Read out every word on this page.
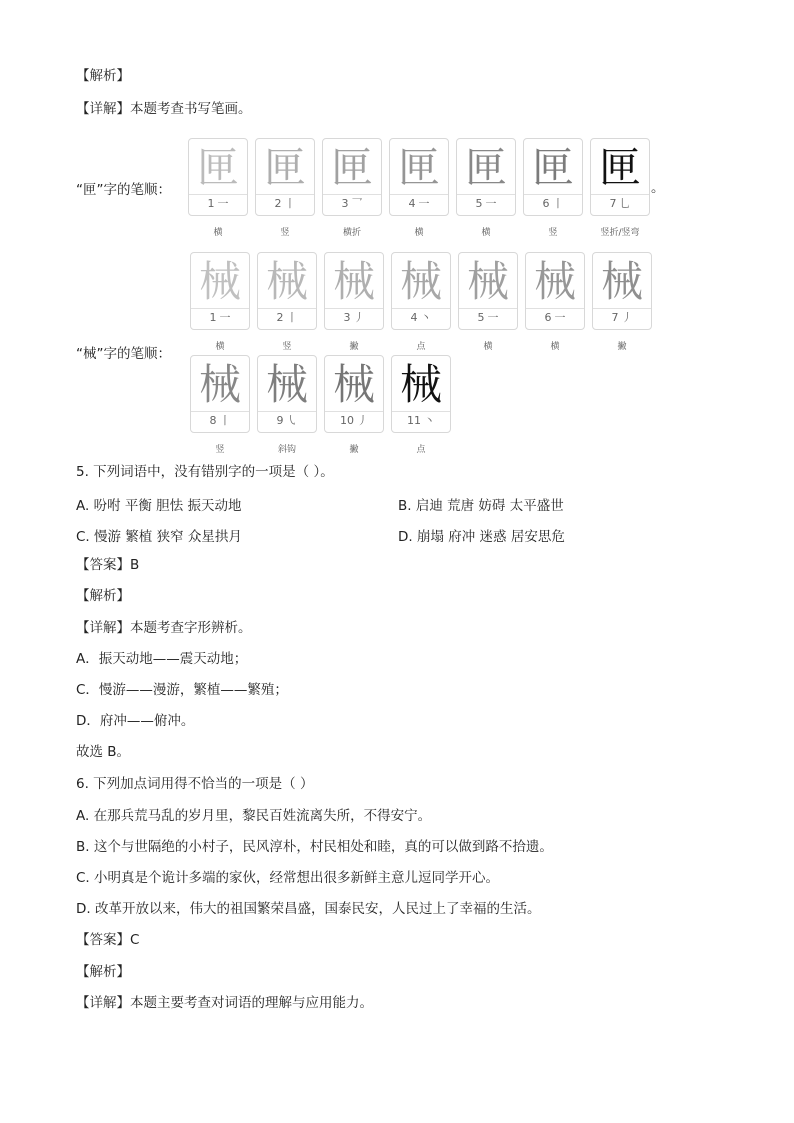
【解析】
【详解】本题考查书写笔画。
“匣”字的笔顺： 匣
1 一
横
匣
2 丨
竖
匣
3 乛
横折
匣
4 一
横
匣
5 一
横
匣
6 丨
竖
匣
7 乚
竖折/竖弯
。
“械”字的笔顺：
械
1 一
横
械
2 丨
竖
械
3 丿
撇
械
4 丶
点
械
5 一
横
械
6 一
横
械
7 丿
撇
械
8 丨
竖
械
9 ㇂
斜钩
械
10 丿
撇
械
11 丶
点
5. 下列词语中，没有错别字的一项是（ ）。
A. 吩咐 平衡 胆怯 振天动地	B. 启迪 荒唐 妨碍 太平盛世
C. 慢游 繁植 狭窄 众星拱月	D. 崩塌 府冲 迷惑 居安思危
【答案】B
【解析】
【详解】本题考查字形辨析。
A．振天动地——震天动地；
C．慢游——漫游，繁植——繁殖；
D．府冲——俯冲。
故选 B。
6. 下列加点词用得不恰当的一项是（ ）
A. 在那兵荒马乱的岁月里，黎民百姓流离失所，不得安宁。
B. 这个与世隔绝的小村子，民风淳朴，村民相处和睦，真的可以做到路不拾遗。
C. 小明真是个诡计多端的家伙，经常想出很多新鲜主意儿逗同学开心。
D. 改革开放以来，伟大的祖国繁荣昌盛，国泰民安，人民过上了幸福的生活。
【答案】C
【解析】
【详解】本题主要考查对词语的理解与应用能力。
